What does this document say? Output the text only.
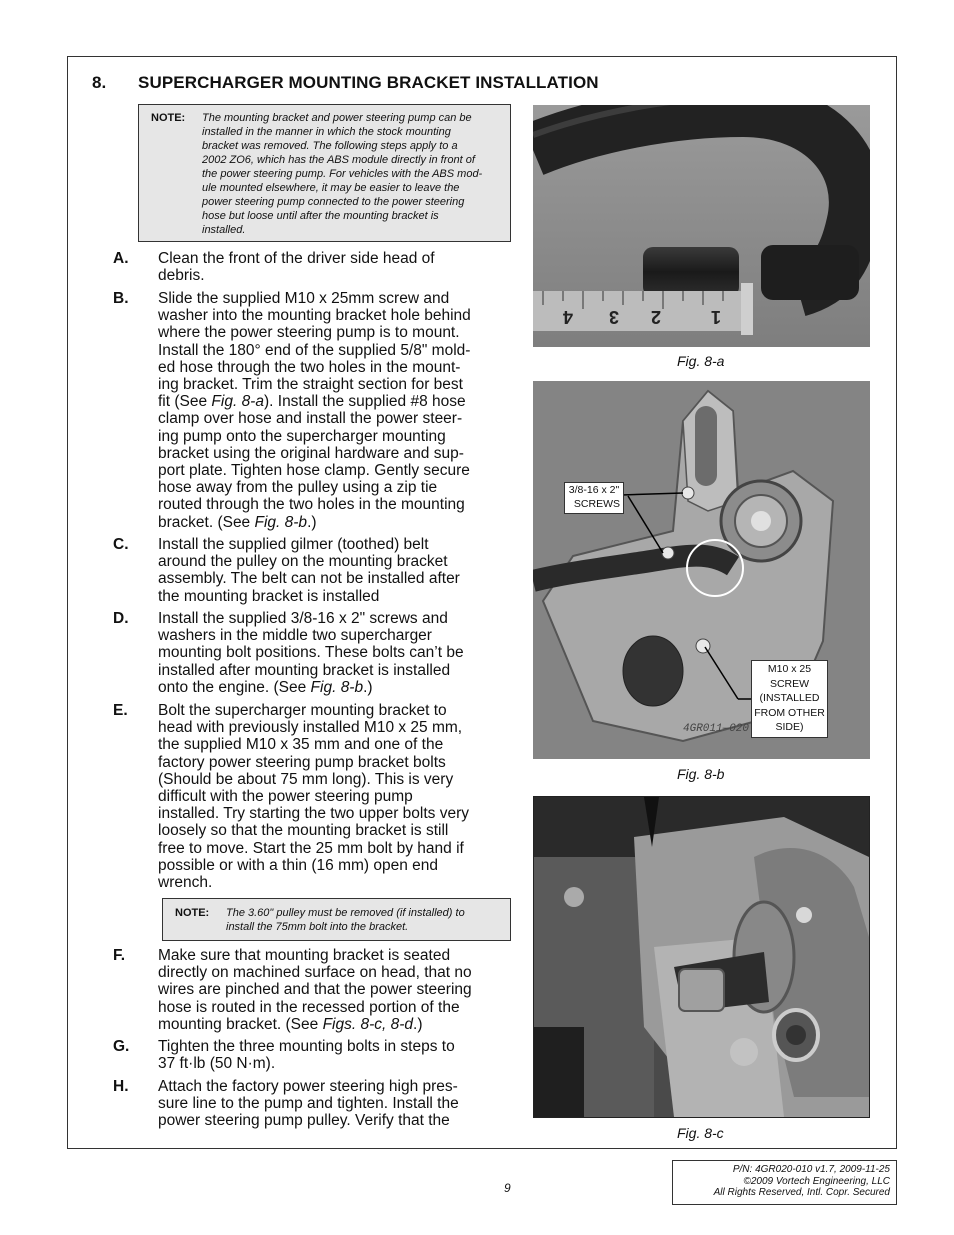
8. SUPERCHARGER MOUNTING BRACKET INSTALLATION
NOTE: The mounting bracket and power steering pump can be
installed in the manner in which the stock mounting
bracket was removed. The following steps apply to a
2002 ZO6, which has the ABS module directly in front of
the power steering pump. For vehicles with the ABS mod-
ule mounted elsewhere, it may be easier to leave the
power steering pump connected to the power steering
hose but loose until after the mounting bracket is
installed.
A. Clean the front of the driver side head of
debris.
B. Slide the supplied M10 x 25mm screw and
washer into the mounting bracket hole behind
where the power steering pump is to mount.
Install the 180° end of the supplied 5/8" mold-
ed hose through the two holes in the mount-
ing bracket. Trim the straight section for best
fit (See Fig. 8-a). Install the supplied #8 hose
clamp over hose and install the power steer-
ing pump onto the supercharger mounting
bracket using the original hardware and sup-
port plate. Tighten hose clamp. Gently secure
hose away from the pulley using a zip tie
routed through the two holes in the mounting
bracket. (See Fig. 8-b.)
C. Install the supplied gilmer (toothed) belt
around the pulley on the mounting bracket
assembly. The belt can not be installed after
the mounting bracket is installed
D. Install the supplied 3/8-16 x 2" screws and
washers in the middle two supercharger
mounting bolt positions. These bolts can’t be
installed after mounting bracket is installed
onto the engine. (See Fig. 8-b.)
E. Bolt the supercharger mounting bracket to
head with previously installed M10 x 25 mm,
the supplied M10 x 35 mm and one of the
factory power steering pump bracket bolts
(Should be about 75 mm long). This is very
difficult with the power steering pump
installed. Try starting the two upper bolts very
loosely so that the mounting bracket is still
free to move. Start the 25 mm bolt by hand if
possible or with a thin (16 mm) open end
wrench.
NOTE: The 3.60" pulley must be removed (if installed) to
install the 75mm bolt into the bracket.
F. Make sure that mounting bracket is seated
directly on machined surface on head, that no
wires are pinched and that the power steering
hose is routed in the recessed portion of the
mounting bracket. (See Figs. 8-c, 8-d.)
G. Tighten the three mounting bolts in steps to
37 ft·lb (50 N·m).
H. Attach the factory power steering high pres-
sure line to the pump and tighten. Install the
power steering pump pulley. Verify that the
4 3 2	1
Fig. 8-a
4GR011—020
3/8-16 x 2"
SCREWS
M10 x 25
SCREW
(INSTALLED
FROM OTHER
SIDE)
Fig. 8-b
Fig. 8-c
9
P/N: 4GR020-010 v1.7, 2009-11-25
©2009 Vortech Engineering, LLC
All Rights Reserved, Intl. Copr. Secured
